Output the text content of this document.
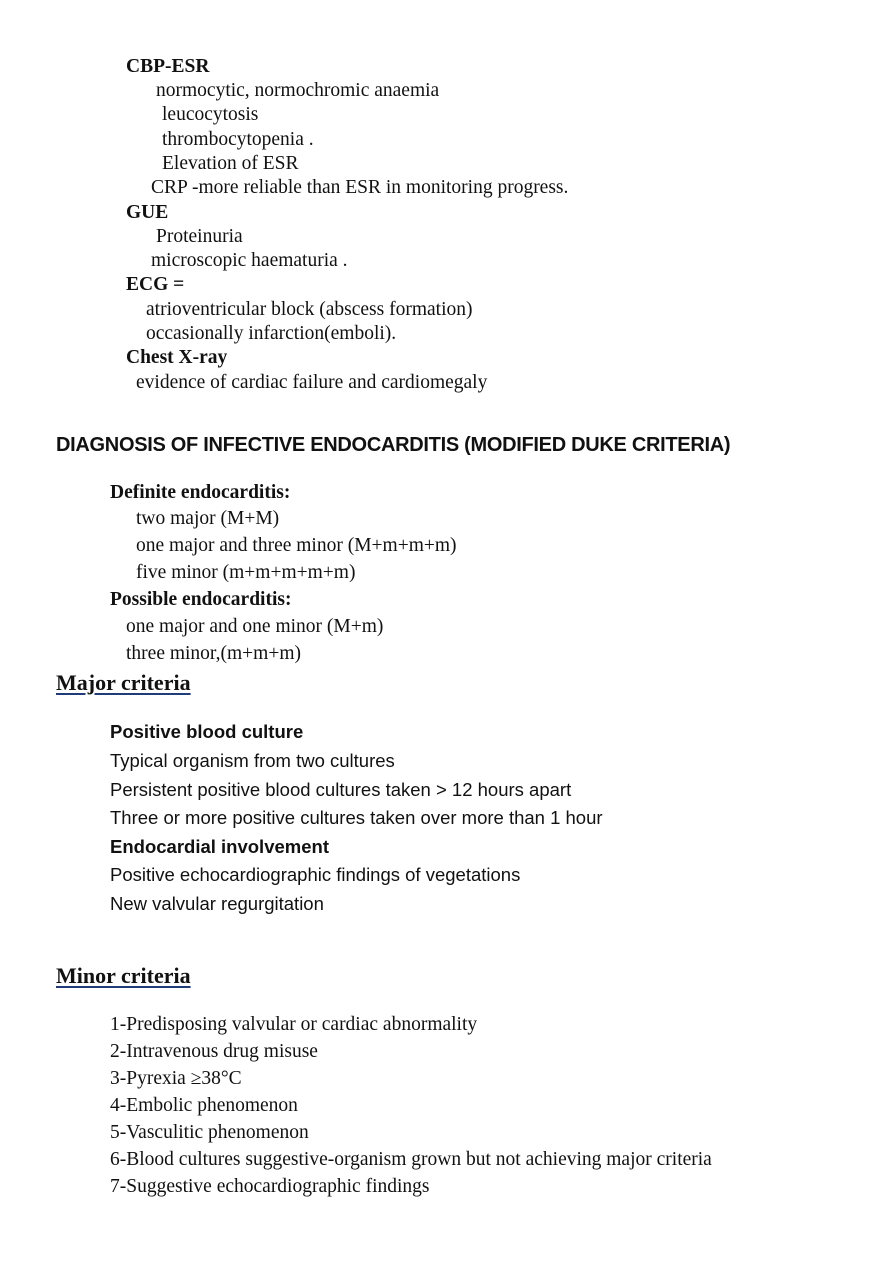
CBP-ESR
normocytic, normochromic anaemia
leucocytosis
thrombocytopenia .
Elevation of ESR
CRP -more reliable than ESR in monitoring progress.
GUE
Proteinuria
microscopic haematuria .
ECG =
atrioventricular block (abscess formation)
occasionally infarction(emboli).
Chest X-ray
evidence of cardiac failure and cardiomegaly
DIAGNOSIS OF INFECTIVE ENDOCARDITIS (MODIFIED DUKE CRITERIA)
Definite endocarditis:
two major (M+M)
one major and three minor (M+m+m+m)
five minor (m+m+m+m+m)
Possible endocarditis:
one major and one minor (M+m)
three minor,(m+m+m)
Major criteria
Positive blood culture
Typical organism from two cultures
Persistent positive blood cultures taken > 12 hours apart
Three or more positive cultures taken over more than 1 hour
Endocardial involvement
Positive echocardiographic findings of vegetations
New valvular regurgitation
Minor criteria
1-Predisposing valvular or cardiac abnormality
2-Intravenous drug misuse
3-Pyrexia ≥38°C
4-Embolic phenomenon
5-Vasculitic phenomenon
6-Blood cultures suggestive-organism grown but not achieving major criteria
7-Suggestive echocardiographic findings
